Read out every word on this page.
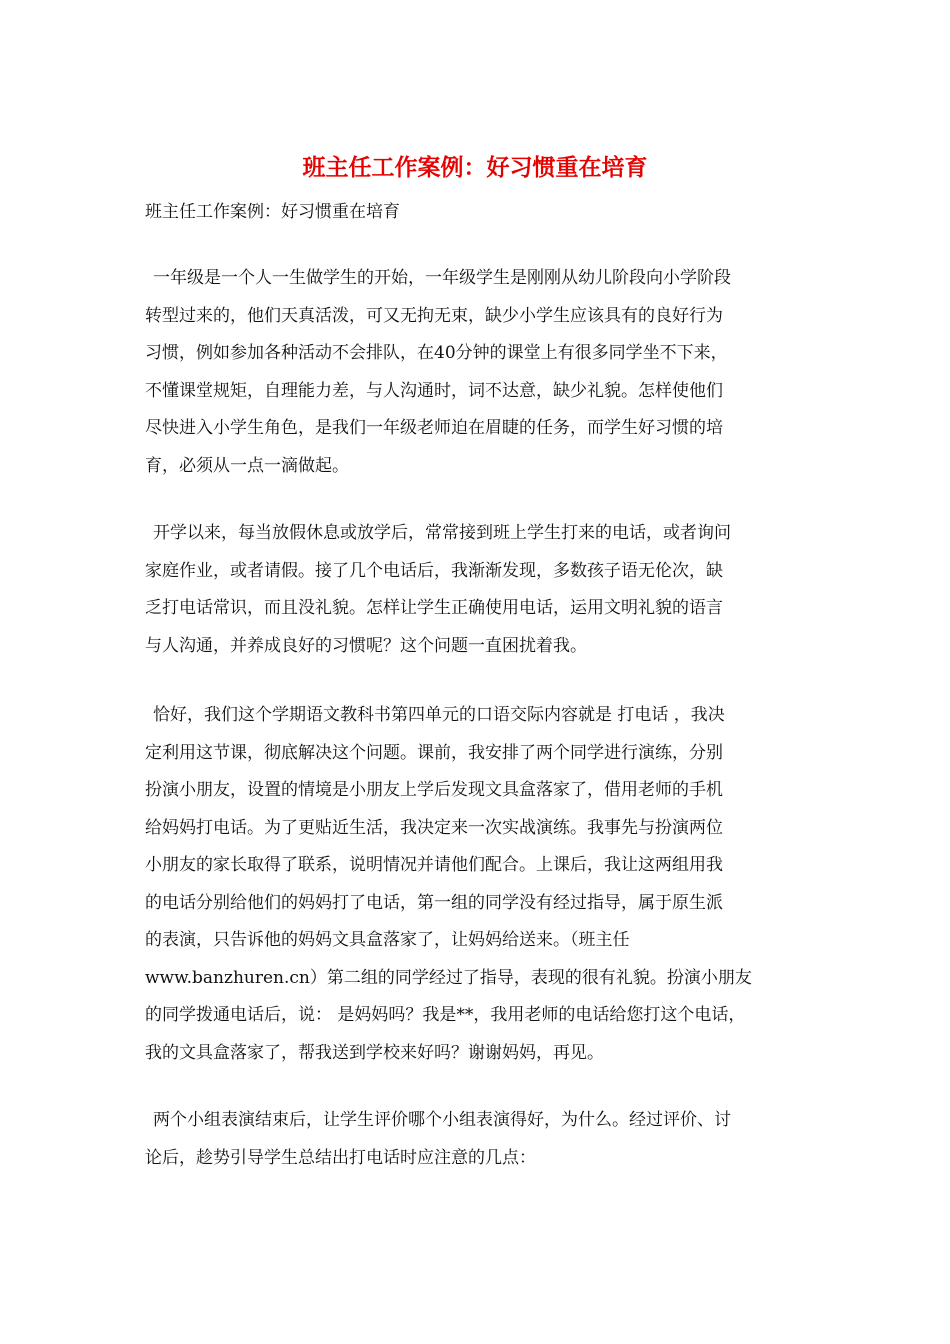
班主任工作案例：好习惯重在培育

班主任工作案例：好习惯重在培育

一年级是一个人一生做学生的开始，一年级学生是刚刚从幼儿阶段向小学阶段
转型过来的，他们天真活泼，可又无拘无束，缺少小学生应该具有的良好行为
习惯，例如参加各种活动不会排队，在40分钟的课堂上有很多同学坐不下来，
不懂课堂规矩，自理能力差，与人沟通时，词不达意，缺少礼貌。怎样使他们
尽快进入小学生角色，是我们一年级老师迫在眉睫的任务，而学生好习惯的培
育，必须从一点一滴做起。
开学以来，每当放假休息或放学后，常常接到班上学生打来的电话，或者询问
家庭作业，或者请假。接了几个电话后，我渐渐发现，多数孩子语无伦次，缺
乏打电话常识，而且没礼貌。怎样让学生正确使用电话，运用文明礼貌的语言
与人沟通，并养成良好的习惯呢？这个问题一直困扰着我。
恰好，我们这个学期语文教科书第四单元的口语交际内容就是 打电话 ，我决
定利用这节课，彻底解决这个问题。课前，我安排了两个同学进行演练，分别
扮演小朋友，设置的情境是小朋友上学后发现文具盒落家了，借用老师的手机
给妈妈打电话。为了更贴近生活，我决定来一次实战演练。我事先与扮演两位
小朋友的家长取得了联系，说明情况并请他们配合。上课后，我让这两组用我
的电话分别给他们的妈妈打了电话，第一组的同学没有经过指导，属于原生派
的表演，只告诉他的妈妈文具盒落家了，让妈妈给送来。（班主任
www.banzhuren.cn）第二组的同学经过了指导，表现的很有礼貌。扮演小朋友
的同学拨通电话后，说： 是妈妈吗？我是**，我用老师的电话给您打这个电话，
我的文具盒落家了，帮我送到学校来好吗？谢谢妈妈，再见。
两个小组表演结束后，让学生评价哪个小组表演得好，为什么。经过评价、讨
论后，趁势引导学生总结出打电话时应注意的几点：
